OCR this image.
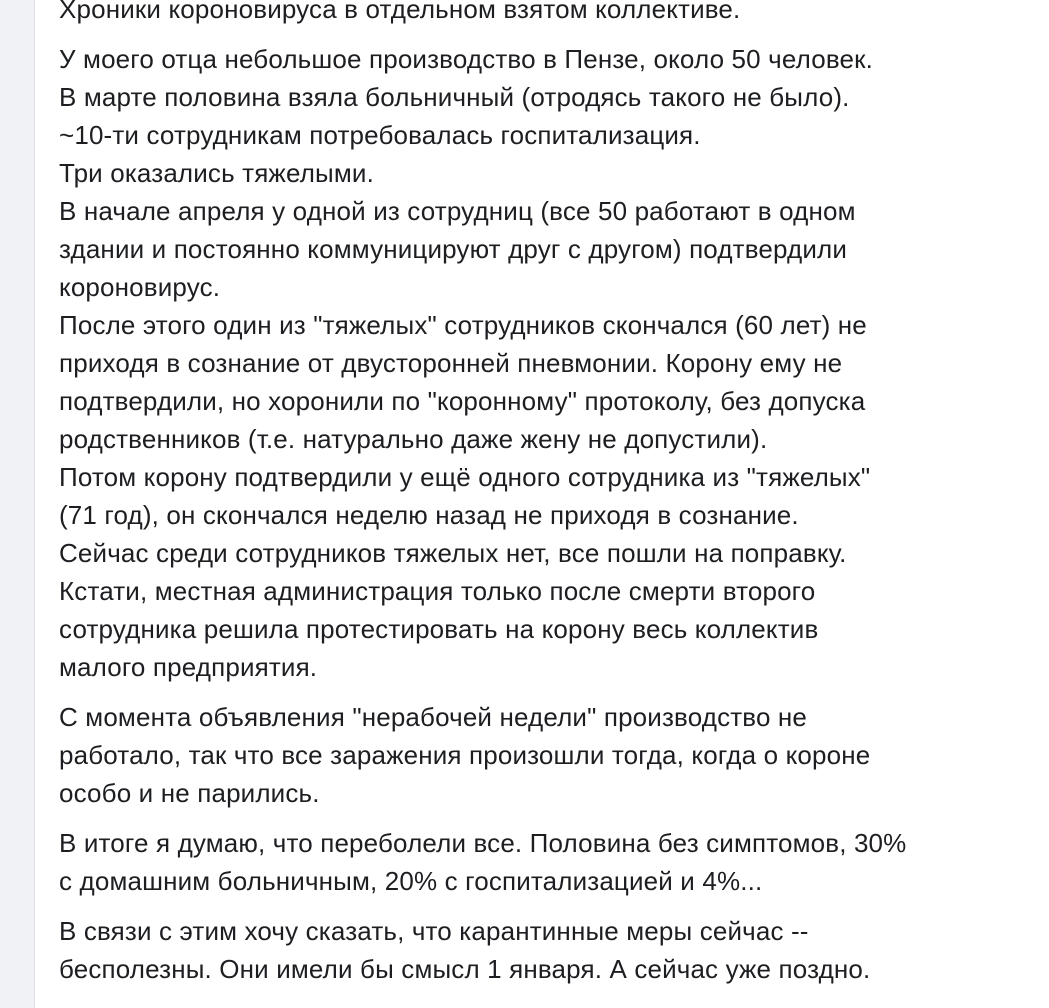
Хроники короновируса в отдельном взятом коллективе.

У моего отца небольшое производство в Пензе, около 50 человек.
В марте половина взяла больничный (отродясь такого не было).
~10-ти сотрудникам потребовалась госпитализация.
Три оказались тяжелыми.
В начале апреля у одной из сотрудниц (все 50 работают в одном
здании и постоянно коммуницируют друг с другом) подтвердили
короновирус.
После этого один из "тяжелых" сотрудников скончался (60 лет) не
приходя в сознание от двусторонней пневмонии. Корону ему не
подтвердили, но хоронили по "коронному" протоколу, без допуска
родственников (т.е. натурально даже жену не допустили).
Потом корону подтвердили у ещё одного сотрудника из "тяжелых"
(71 год), он скончался неделю назад не приходя в сознание.
Сейчас среди сотрудников тяжелых нет, все пошли на поправку.
Кстати, местная администрация только после смерти второго
сотрудника решила протестировать на корону весь коллектив
малого предприятия.

С момента объявления "нерабочей недели" производство не
работало, так что все заражения произошли тогда, когда о короне
особо и не парились.

В итоге я думаю, что переболели все. Половина без симптомов, 30%
с домашним больничным, 20% с госпитализацией и 4%...

В связи с этим хочу сказать, что карантинные меры сейчас --
бесполезны. Они имели бы смысл 1 января. А сейчас уже поздно.
